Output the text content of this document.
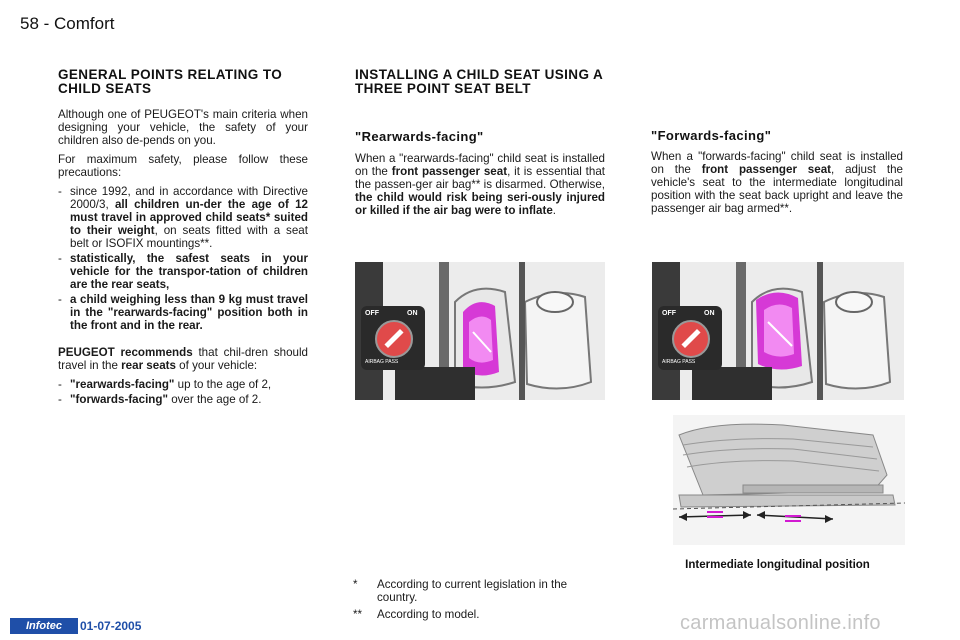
58 - Comfort
GENERAL POINTS RELATING TO CHILD SEATS

Although one of PEUGEOT's main criteria when designing your vehicle, the safety of your children also de-pends on you.

For maximum safety, please follow these precautions:

- since 1992, and in accordance with Directive 2000/3, all children un-der the age of 12 must travel in approved child seats* suited to their weight, on seats fitted with a seat belt or ISOFIX mountings**.
- statistically, the safest seats in your vehicle for the transpor-tation of children are the rear seats,
- a child weighing less than 9 kg must travel in the "rearwards-facing" position both in the front and in the rear.

PEUGEOT recommends that chil-dren should travel in the rear seats of your vehicle:

- "rearwards-facing" up to the age of 2,
- "forwards-facing" over the age of 2.
INSTALLING A CHILD SEAT USING A THREE POINT SEAT BELT
"Rearwards-facing"
When a "rearwards-facing" child seat is installed on the front passenger seat, it is essential that the passen-ger air bag** is disarmed. Otherwise, the child would risk being seri-ously injured or killed if the air bag were to inflate.
"Forwards-facing"
When a "forwards-facing" child seat is installed on the front passenger seat, adjust the vehicle's seat to the intermediate longitudinal position with the seat back upright and leave the passenger air bag armed**.
OFF	ON
AIRBAG PASS
OFF	ON
AIRBAG PASS
Intermediate longitudinal position
* According to current legislation in the country.
** According to model.
Infotec	01-07-2005	carmanualsonline.info
